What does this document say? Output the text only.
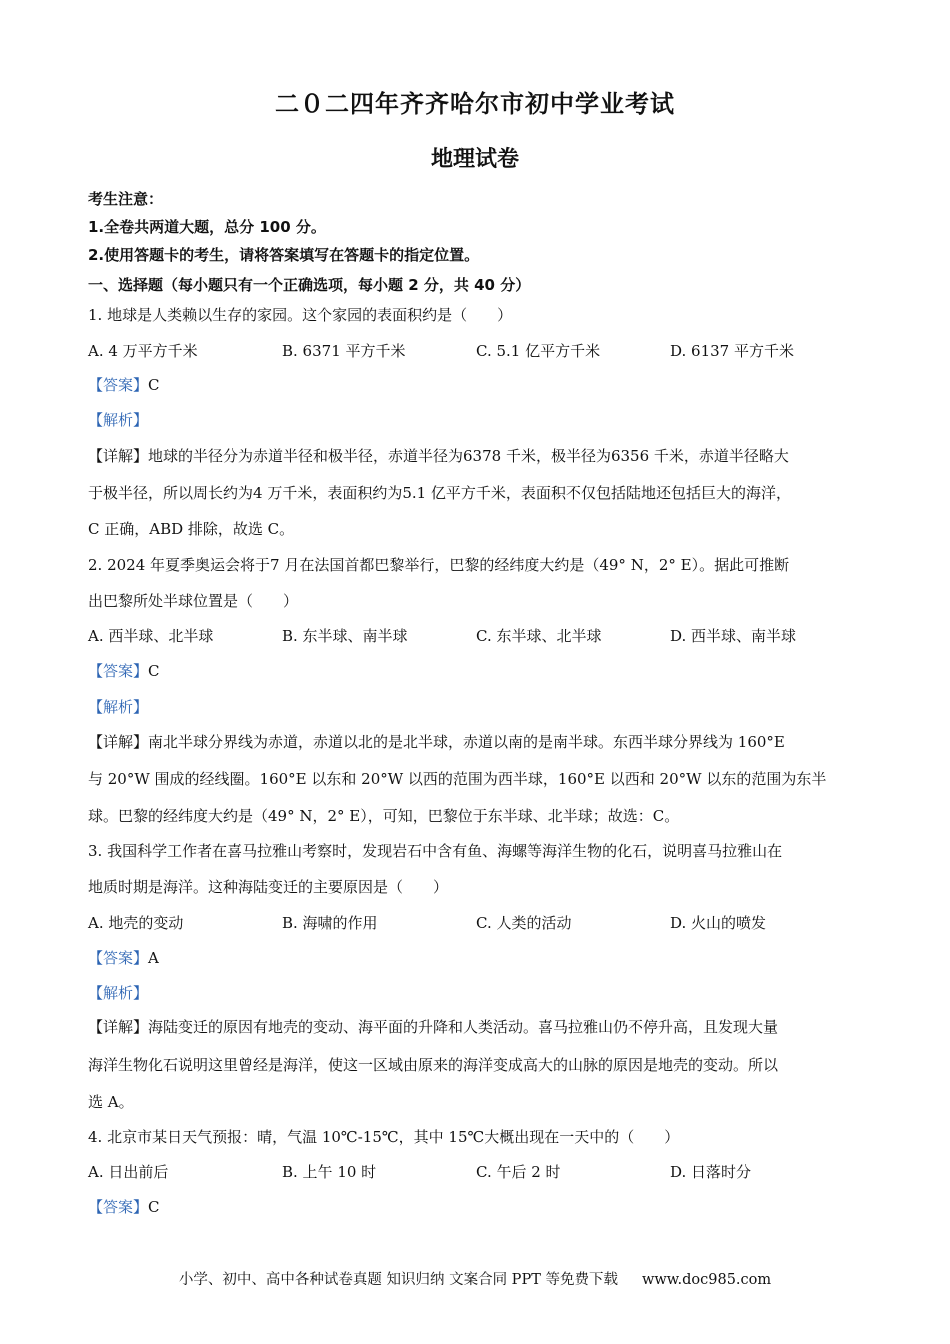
二０二四年齐齐哈尔市初中学业考试
地理试卷
考生注意：
1.全卷共两道大题，总分 100 分。
2.使用答题卡的考生，请将答案填写在答题卡的指定位置。
一、选择题（每小题只有一个正确选项，每小题 2 分，共 40 分）
1. 地球是人类赖以生存的家园。这个家园的表面积约是（　　）
A. 4 万平方千米	B. 6371 平方千米	C. 5.1 亿平方千米	D. 6137 平方千米
【答案】C
【解析】
【详解】地球的半径分为赤道半径和极半径，赤道半径为6378 千米，极半径为6356 千米，赤道半径略大
于极半径，所以周长约为4 万千米，表面积约为5.1 亿平方千米，表面积不仅包括陆地还包括巨大的海洋，
C 正确，ABD 排除，故选 C。
2. 2024 年夏季奥运会将于7 月在法国首都巴黎举行，巴黎的经纬度大约是（49° N，2° E）。据此可推断
出巴黎所处半球位置是（　　）
A. 西半球、北半球	B. 东半球、南半球	C. 东半球、北半球	D. 西半球、南半球
【答案】C
【解析】
【详解】南北半球分界线为赤道，赤道以北的是北半球，赤道以南的是南半球。东西半球分界线为 160°E
与 20°W 围成的经线圈。160°E 以东和 20°W 以西的范围为西半球，160°E 以西和 20°W 以东的范围为东半
球。巴黎的经纬度大约是（49° N，2° E），可知，巴黎位于东半球、北半球；故选：C。
3. 我国科学工作者在喜马拉雅山考察时，发现岩石中含有鱼、海螺等海洋生物的化石，说明喜马拉雅山在
地质时期是海洋。这种海陆变迁的主要原因是（　　）
A. 地壳的变动	B. 海啸的作用	C. 人类的活动	D. 火山的喷发
【答案】A
【解析】
【详解】海陆变迁的原因有地壳的变动、海平面的升降和人类活动。喜马拉雅山仍不停升高，且发现大量
海洋生物化石说明这里曾经是海洋，使这一区域由原来的海洋变成高大的山脉的原因是地壳的变动。所以
选 A。
4. 北京市某日天气预报：晴，气温 10℃-15℃，其中 15℃大概出现在一天中的（　　）
A. 日出前后	B. 上午 10 时	C. 午后 2 时	D. 日落时分
【答案】C
小学、初中、高中各种试卷真题 知识归纳 文案合同 PPT 等免费下载 www.doc985.com
